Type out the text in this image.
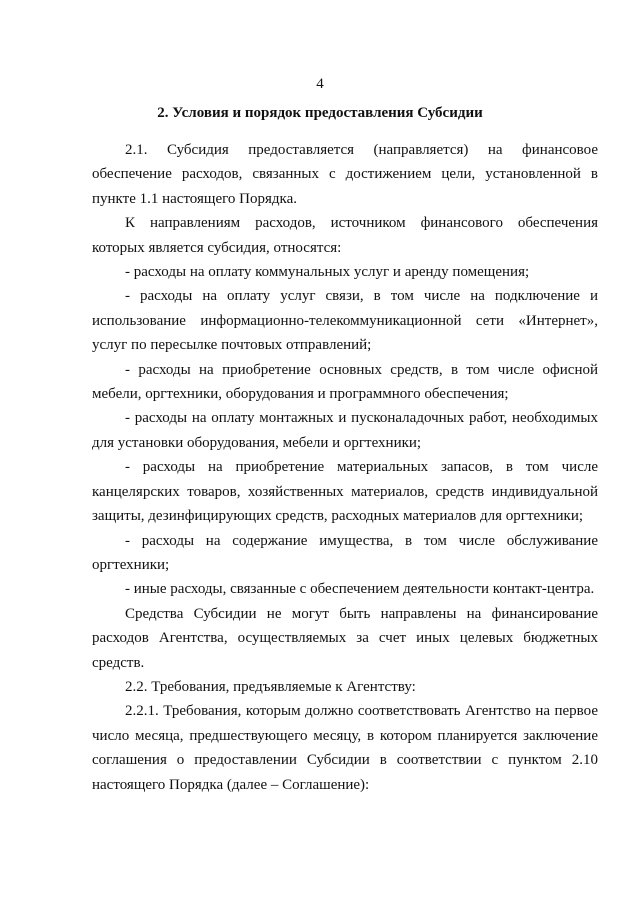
4
2. Условия и порядок предоставления Субсидии

2.1. Субсидия предоставляется (направляется) на финансовое обеспечение расходов, связанных с достижением цели, установленной в пункте 1.1 настоящего Порядка.

К направлениям расходов, источником финансового обеспечения которых является субсидия, относятся:

- расходы на оплату коммунальных услуг и аренду помещения;

- расходы на оплату услуг связи, в том числе на подключение и использование информационно-телекоммуникационной сети «Интернет», услуг по пересылке почтовых отправлений;

- расходы на приобретение основных средств, в том числе офисной мебели, оргтехники, оборудования и программного обеспечения;

- расходы на оплату монтажных и пусконаладочных работ, необходимых для установки оборудования, мебели и оргтехники;

- расходы на приобретение материальных запасов, в том числе канцелярских товаров, хозяйственных материалов, средств индивидуальной защиты, дезинфицирующих средств, расходных материалов для оргтехники;

- расходы на содержание имущества, в том числе обслуживание оргтехники;

- иные расходы, связанные с обеспечением деятельности контакт-центра.

Средства Субсидии не могут быть направлены на финансирование расходов Агентства, осуществляемых за счет иных целевых бюджетных средств.

2.2. Требования, предъявляемые к Агентству:

2.2.1. Требования, которым должно соответствовать Агентство на первое число месяца, предшествующего месяцу, в котором планируется заключение соглашения о предоставлении Субсидии в соответствии с пунктом 2.10 настоящего Порядка (далее – Соглашение):
